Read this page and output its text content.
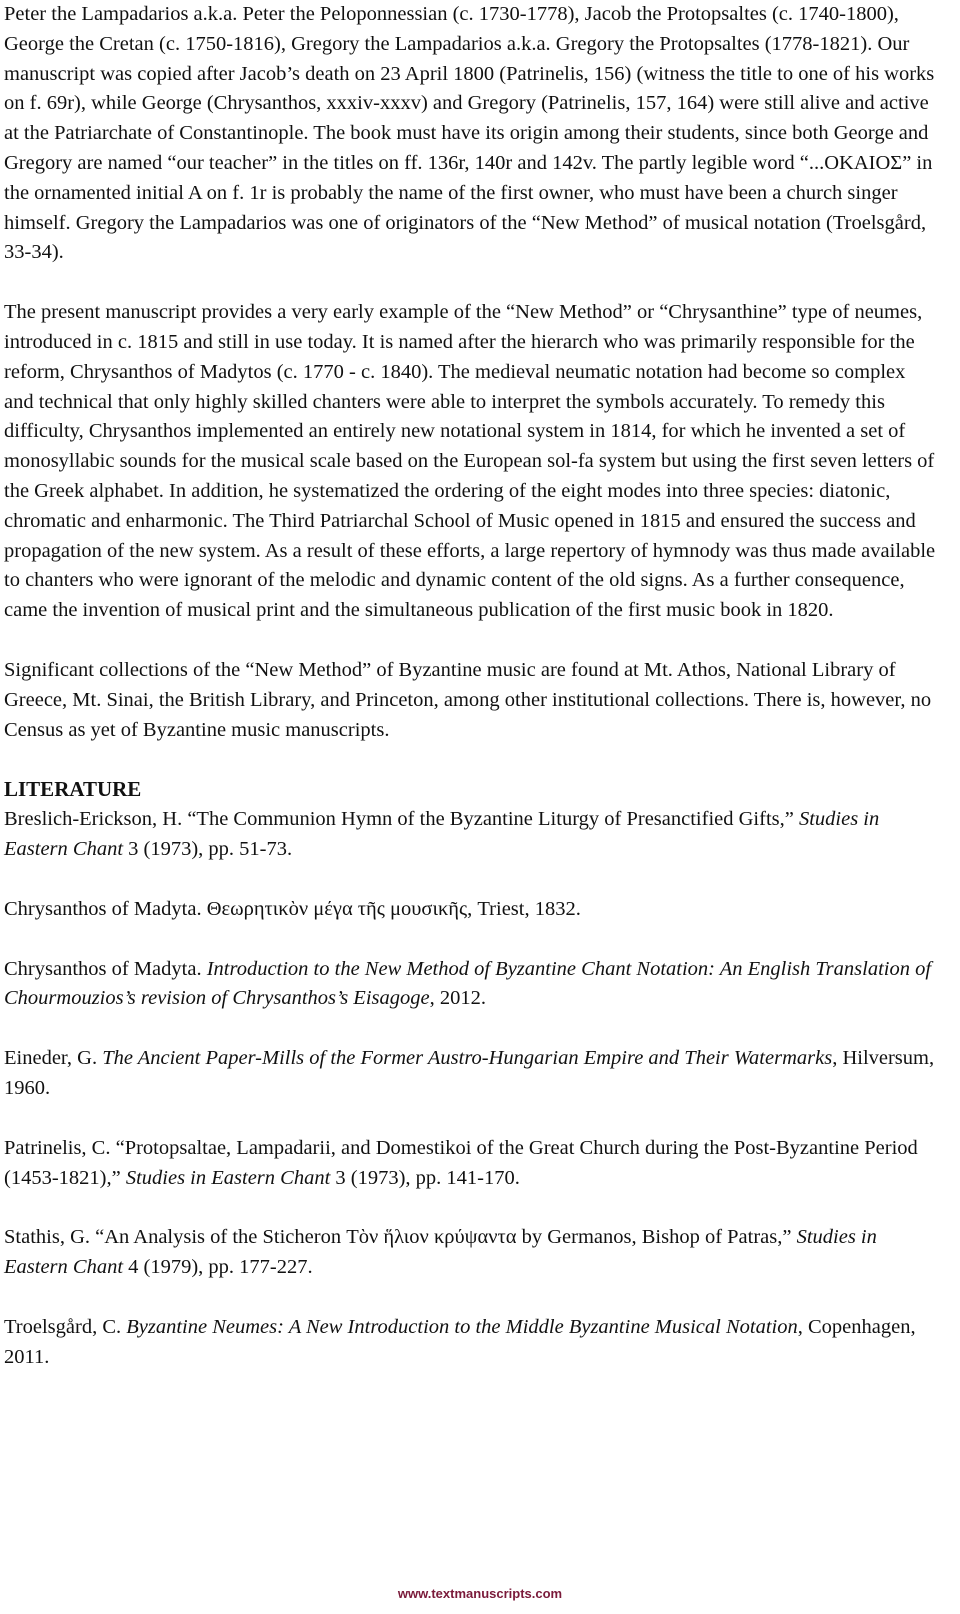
Peter the Lampadarios a.k.a. Peter the Peloponnessian (c. 1730-1778), Jacob the Protopsaltes (c. 1740-1800), George the Cretan (c. 1750-1816), Gregory the Lampadarios a.k.a. Gregory the Protopsaltes (1778-1821). Our manuscript was copied after Jacob’s death on 23 April 1800 (Patrinelis, 156) (witness the title to one of his works on f. 69r), while George (Chrysanthos, xxxiv-xxxv) and Gregory (Patrinelis, 157, 164) were still alive and active at the Patriarchate of Constantinople. The book must have its origin among their students, since both George and Gregory are named “our teacher” in the titles on ff. 136r, 140r and 142v. The partly legible word “...ΟΚΑΙΟΣ” in the ornamented initial A on f. 1r is probably the name of the first owner, who must have been a church singer himself. Gregory the Lampadarios was one of originators of the “New Method” of musical notation (Troelsgård, 33-34).

The present manuscript provides a very early example of the “New Method” or “Chrysanthine” type of neumes, introduced in c. 1815 and still in use today. It is named after the hierarch who was primarily responsible for the reform, Chrysanthos of Madytos (c. 1770 - c. 1840). The medieval neumatic notation had become so complex and technical that only highly skilled chanters were able to interpret the symbols accurately. To remedy this difficulty, Chrysanthos implemented an entirely new notational system in 1814, for which he invented a set of monosyllabic sounds for the musical scale based on the European sol-fa system but using the first seven letters of the Greek alphabet. In addition, he systematized the ordering of the eight modes into three species: diatonic, chromatic and enharmonic. The Third Patriarchal School of Music opened in 1815 and ensured the success and propagation of the new system. As a result of these efforts, a large repertory of hymnody was thus made available to chanters who were ignorant of the melodic and dynamic content of the old signs. As a further consequence, came the invention of musical print and the simultaneous publication of the first music book in 1820.

Significant collections of the “New Method” of Byzantine music are found at Mt. Athos, National Library of Greece, Mt. Sinai, the British Library, and Princeton, among other institutional collections. There is, however, no Census as yet of Byzantine music manuscripts.

LITERATURE

Breslich-Erickson, H. “The Communion Hymn of the Byzantine Liturgy of Presanctified Gifts,” Studies in Eastern Chant 3 (1973), pp. 51-73.

Chrysanthos of Madyta. Θεωρητικὸν μέγα τῆς μουσικῆς, Triest, 1832.

Chrysanthos of Madyta. Introduction to the New Method of Byzantine Chant Notation: An English Translation of Chourmouzios’s revision of Chrysanthos’s Eisagoge, 2012.

Eineder, G. The Ancient Paper-Mills of the Former Austro-Hungarian Empire and Their Watermarks, Hilversum, 1960.

Patrinelis, C. “Protopsaltae, Lampadarii, and Domestikoi of the Great Church during the Post-Byzantine Period (1453-1821),” Studies in Eastern Chant 3 (1973), pp. 141-170.

Stathis, G. “An Analysis of the Sticheron Τὸν ἥλιον κρύψαντα by Germanos, Bishop of Patras,” Studies in Eastern Chant 4 (1979), pp. 177-227.

Troelsgård, C. Byzantine Neumes: A New Introduction to the Middle Byzantine Musical Notation, Copenhagen, 2011.

www.textmanuscripts.com
